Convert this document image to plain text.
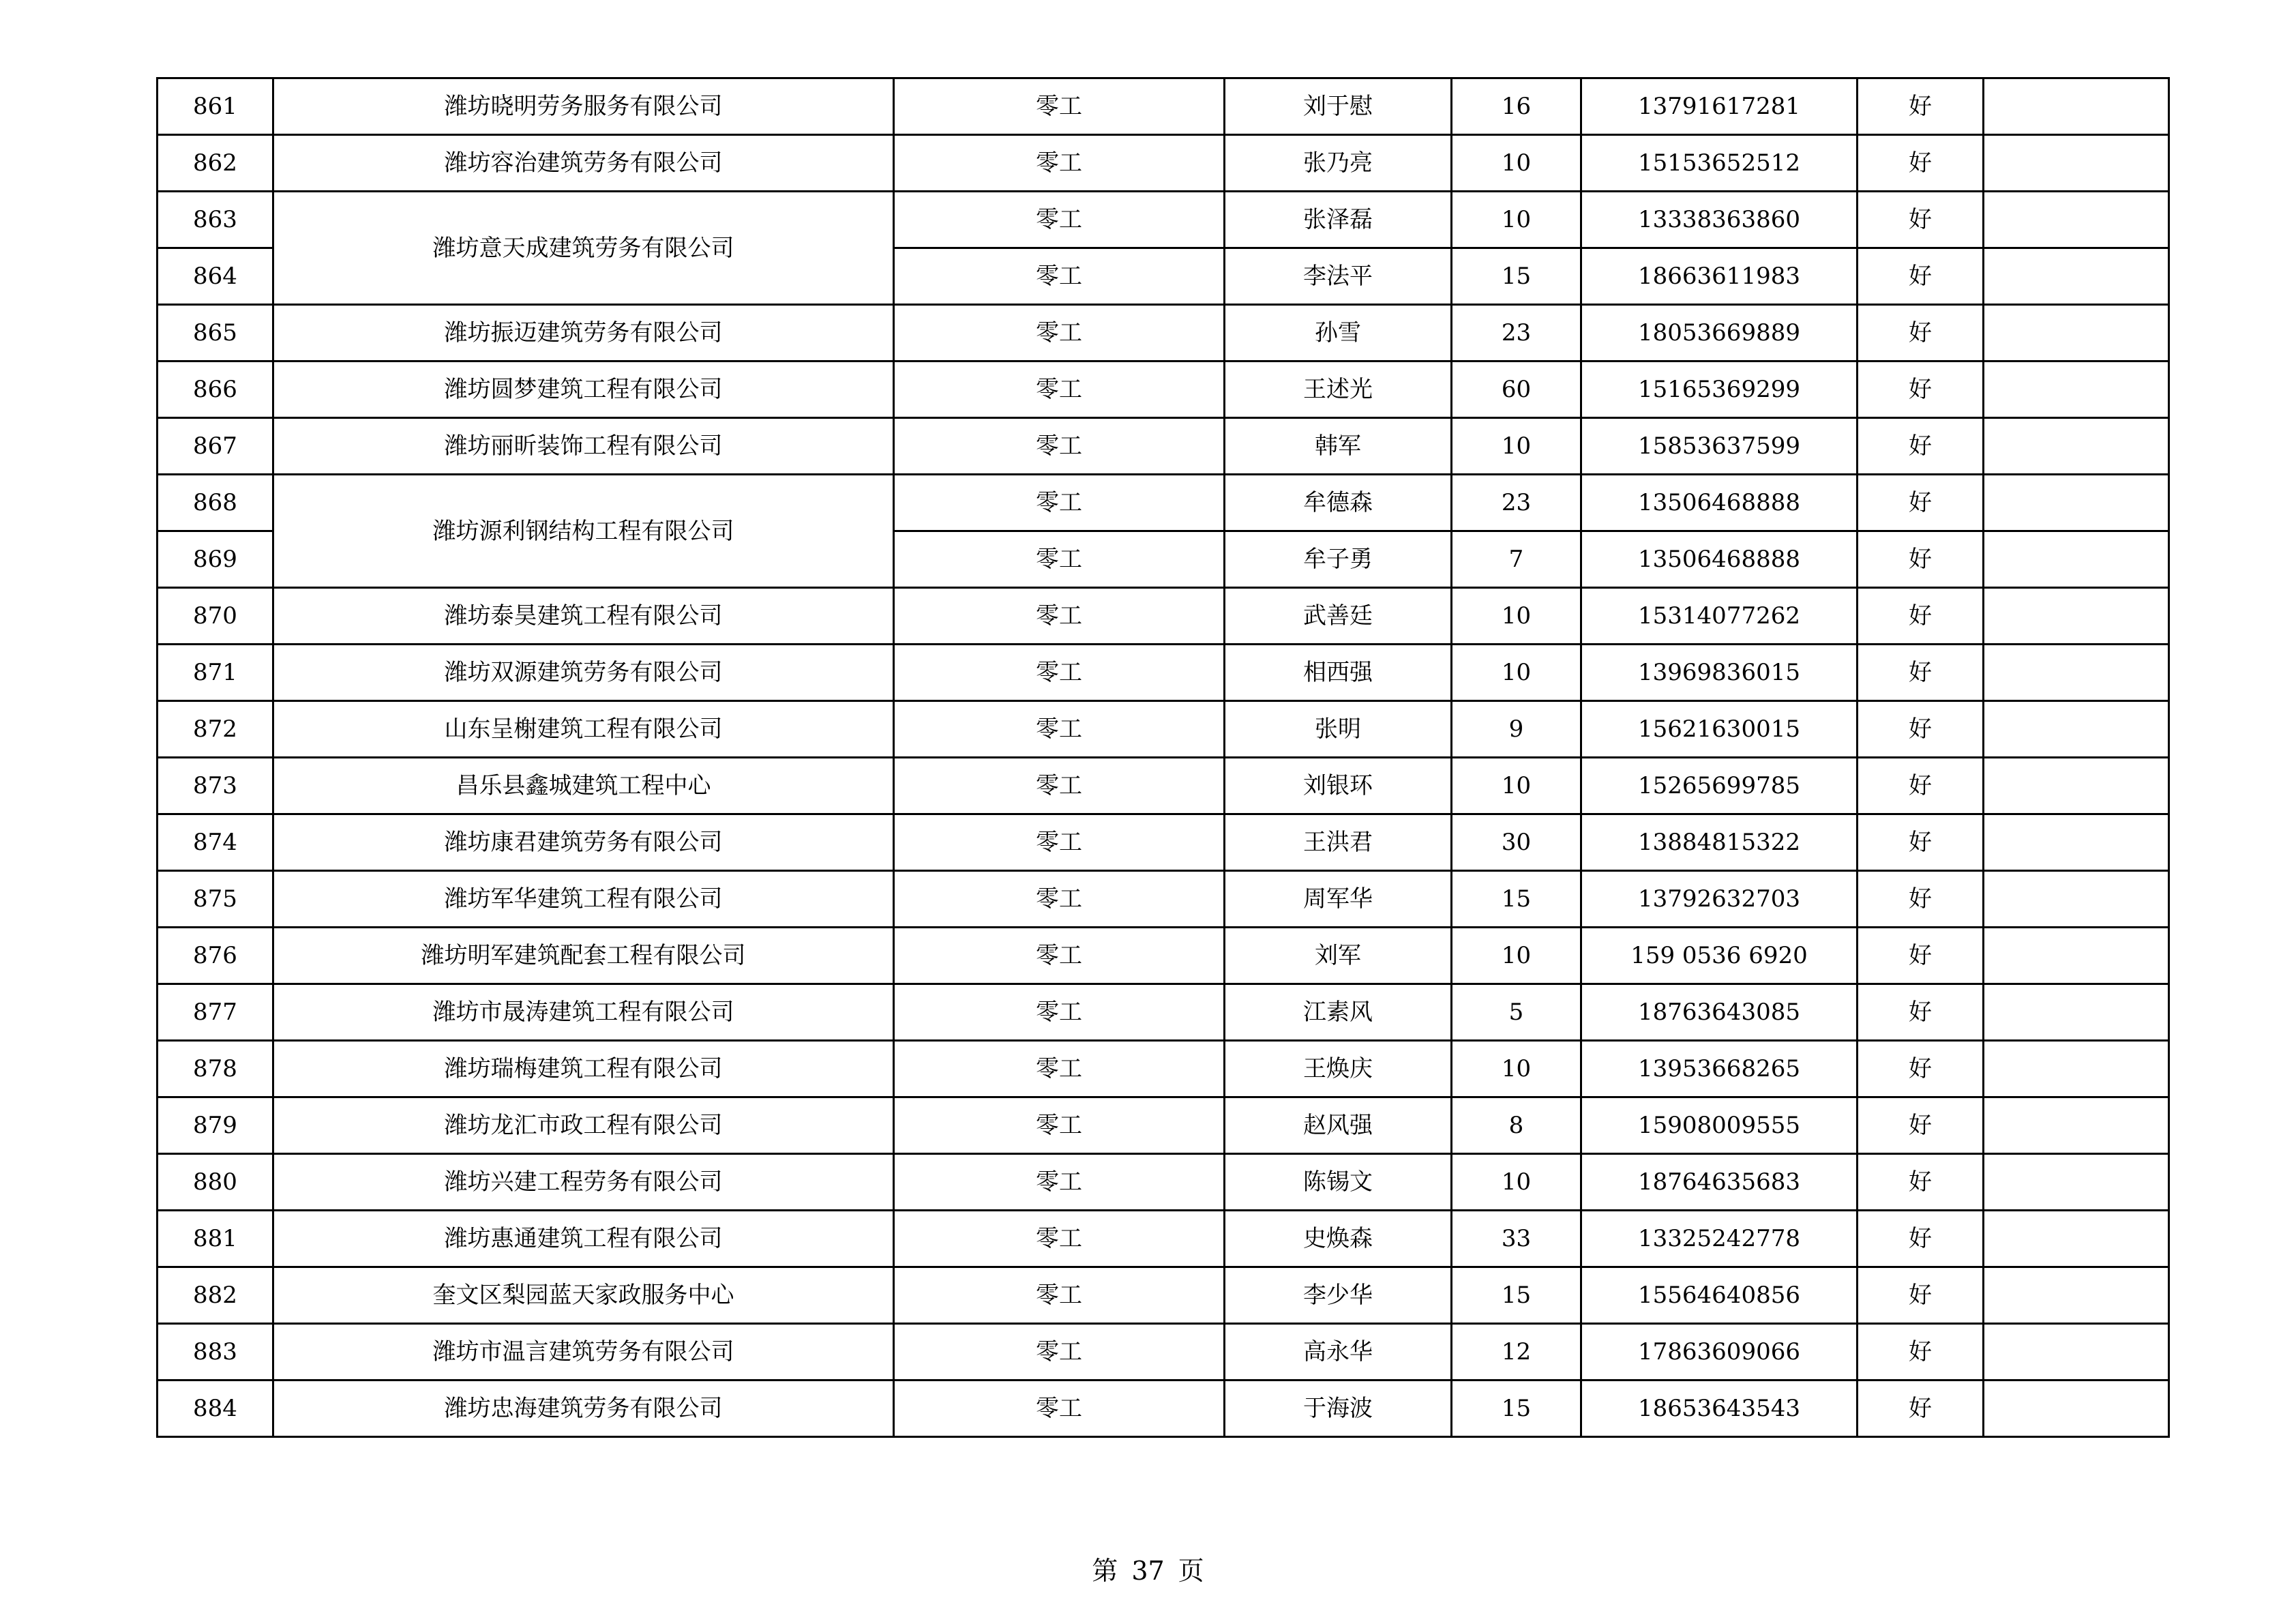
861	潍坊晓明劳务服务有限公司	零工	刘于慰	16	13791617281	好	
862	潍坊容治建筑劳务有限公司	零工	张乃亮	10	15153652512	好	
863	潍坊意天成建筑劳务有限公司	零工	张泽磊	10	13338363860	好	
864		零工	李法平	15	18663611983	好	
865	潍坊振迈建筑劳务有限公司	零工	孙雪	23	18053669889	好	
866	潍坊圆梦建筑工程有限公司	零工	王述光	60	15165369299	好	
867	潍坊丽昕装饰工程有限公司	零工	韩军	10	15853637599	好	
868	潍坊源利钢结构工程有限公司	零工	牟德森	23	13506468888	好	
869		零工	牟子勇	7	13506468888	好	
870	潍坊泰昊建筑工程有限公司	零工	武善廷	10	15314077262	好	
871	潍坊双源建筑劳务有限公司	零工	相西强	10	13969836015	好	
872	山东呈榭建筑工程有限公司	零工	张明	9	15621630015	好	
873	昌乐县鑫城建筑工程中心	零工	刘银环	10	15265699785	好	
874	潍坊康君建筑劳务有限公司	零工	王洪君	30	13884815322	好	
875	潍坊军华建筑工程有限公司	零工	周军华	15	13792632703	好	
876	潍坊明军建筑配套工程有限公司	零工	刘军	10	159 0536 6920	好	
877	潍坊市晟涛建筑工程有限公司	零工	江素风	5	18763643085	好	
878	潍坊瑞梅建筑工程有限公司	零工	王焕庆	10	13953668265	好	
879	潍坊龙汇市政工程有限公司	零工	赵风强	8	15908009555	好	
880	潍坊兴建工程劳务有限公司	零工	陈锡文	10	18764635683	好	
881	潍坊惠通建筑工程有限公司	零工	史焕森	33	13325242778	好	
882	奎文区梨园蓝天家政服务中心	零工	李少华	15	15564640856	好	
883	潍坊市温言建筑劳务有限公司	零工	高永华	12	17863609066	好	
884	潍坊忠海建筑劳务有限公司	零工	于海波	15	18653643543	好	
第 37 页
